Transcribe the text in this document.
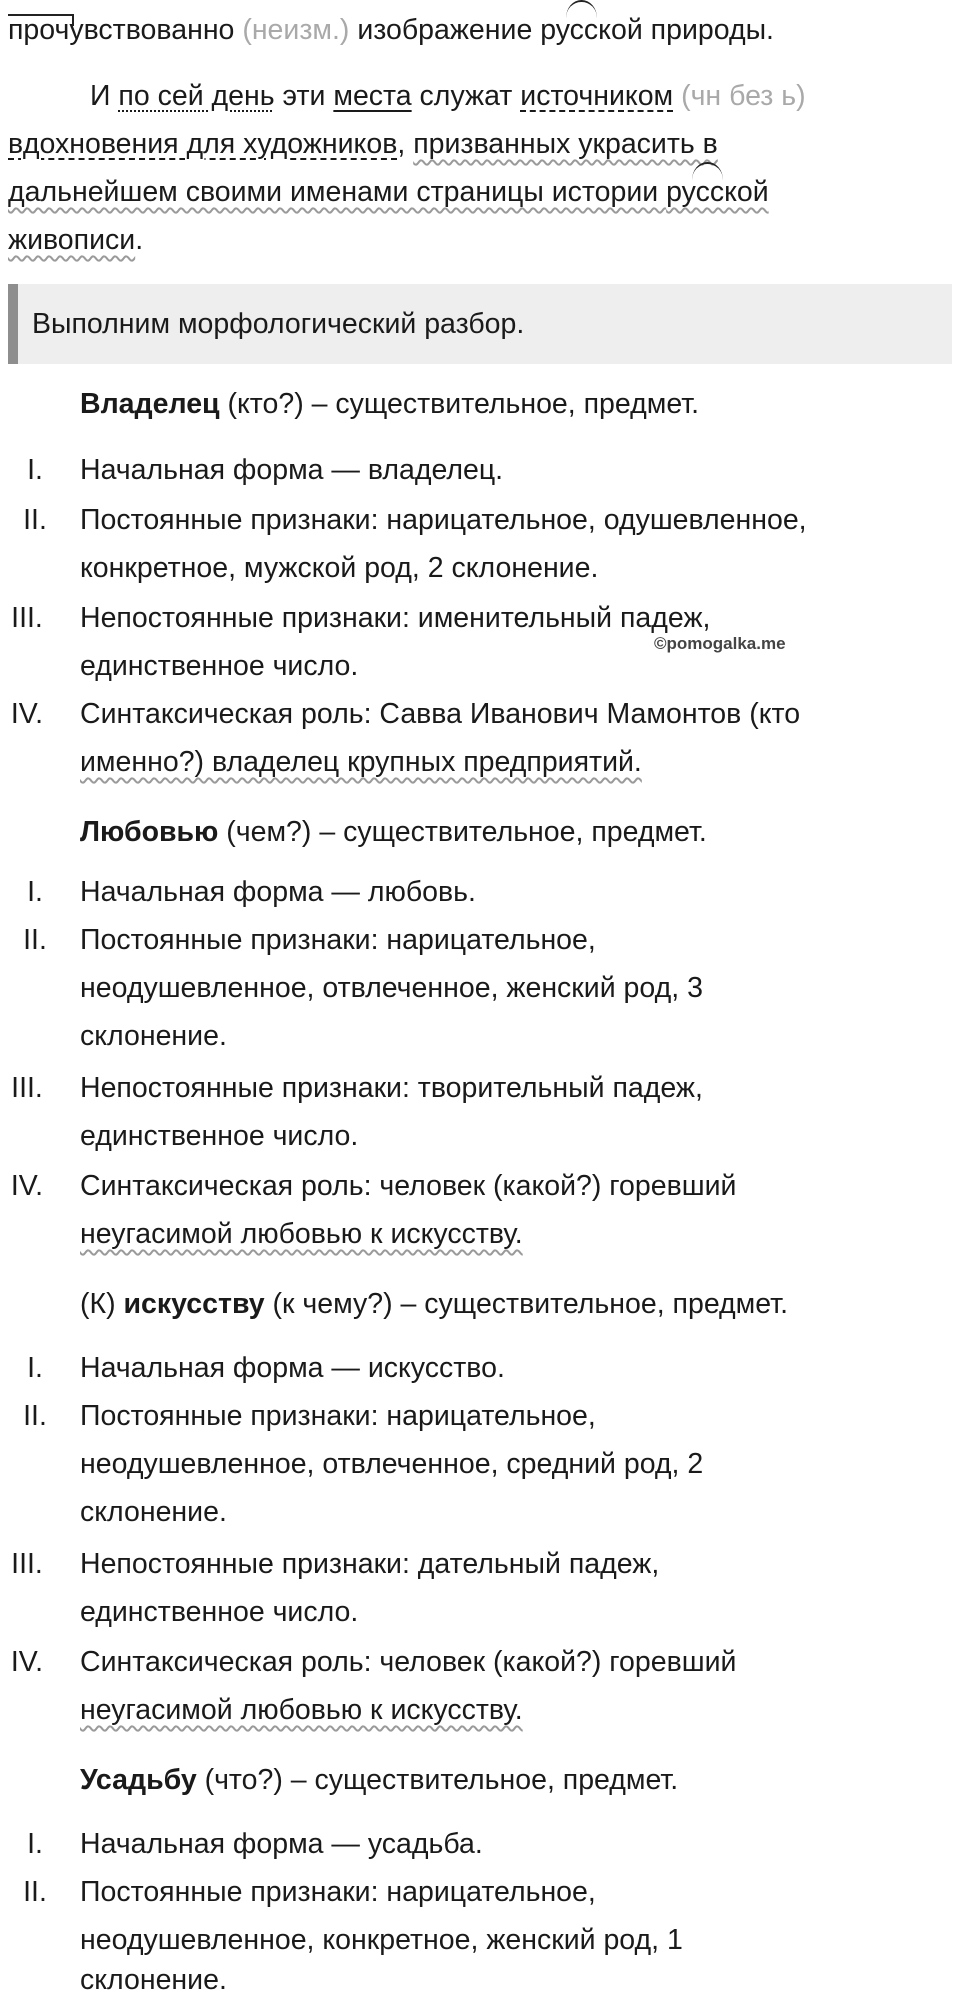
прочувствованно (неизм.) изображение
русской природы.
И по сей день эти места служат источником (чн без ь)
вдохновения для художников, призванных украсить в
дальнейшем своими именами страницы истории
русской
живописи.
Выполним морфологический разбор.
©pomogalka.me
Владелец (кто?) – существительное, предмет.
I.	Начальная форма — владелец.
II.	Постоянные признаки: нарицательное, одушевленное,
конкретное, мужской род, 2 склонение.
III. Непостоянные признаки: именительный падеж,
единственное число.
IV. Синтаксическая роль: Савва Иванович Мамонтов (кто
именно?) владелец крупных предприятий.
Любовью (чем?) – существительное, предмет.
I.	Начальная форма — любовь.
II.	Постоянные признаки: нарицательное,
неодушевленное, отвлеченное, женский род, 3
склонение.
III. Непостоянные признаки: творительный падеж,
единственное число.
IV. Синтаксическая роль: человек (какой?) горевший
неугасимой любовью к искусству.
(К) искусству (к чему?) – существительное, предмет.
I.	Начальная форма — искусство.
II.	Постоянные признаки: нарицательное,
неодушевленное, отвлеченное, средний род, 2
склонение.
III. Непостоянные признаки: дательный падеж,
единственное число.
IV. Синтаксическая роль: человек (какой?) горевший
неугасимой любовью к искусству.
Усадьбу (что?) – существительное, предмет.
I.	Начальная форма — усадьба.
II.	Постоянные признаки: нарицательное,
неодушевленное, конкретное, женский род, 1
склонение.
